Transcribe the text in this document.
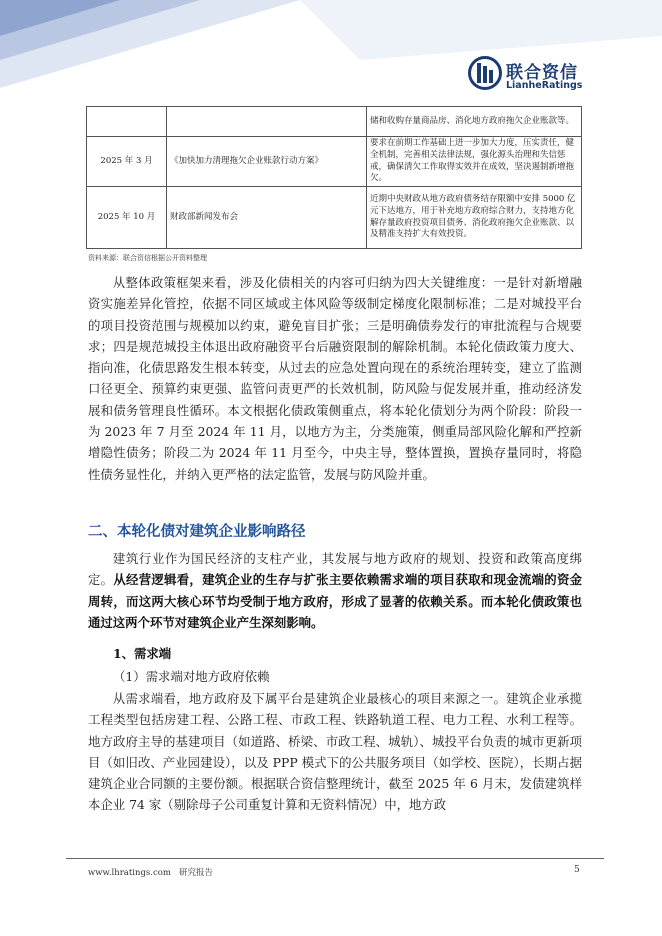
联合资信
LianheRatings
		储和收购存量商品房、消化地方政府拖欠企业账款等。
2025 年 3 月	《加快加力清理拖欠企业账款行动方案》	要求在前期工作基础上进一步加大力度，压实责任，健全机制，完善相关法律法规，强化源头治理和失信惩戒，确保清欠工作取得实效并在成效，坚决遏制新增拖欠。
2025 年 10 月	财政部新闻发布会	近期中央财政从地方政府债务结存限额中安排 5000 亿元下达地方，用于补充地方政府综合财力，支持地方化解存量政府投资项目债务、消化政府拖欠企业账款、以及精准支持扩大有效投资。
资料来源：联合资信根据公开资料整理

从整体政策框架来看，涉及化债相关的内容可归纳为四大关键维度：一是针对新增融资实施差异化管控，依据不同区域或主体风险等级制定梯度化限制标准；二是对城投平台的项目投资范围与规模加以约束，避免盲目扩张；三是明确债券发行的审批流程与合规要求；四是规范城投主体退出政府融资平台后融资限制的解除机制。本轮化债政策力度大、指向准，化债思路发生根本转变，从过去的应急处置向现在的系统治理转变，建立了监测口径更全、预算约束更强、监管问责更严的长效机制，防风险与促发展并重，推动经济发展和债务管理良性循环。本文根据化债政策侧重点，将本轮化债划分为两个阶段：阶段一为 2023 年 7 月至 2024 年 11 月，以地方为主，分类施策，侧重局部风险化解和严控新增隐性债务；阶段二为 2024 年 11 月至今，中央主导，整体置换，置换存量同时，将隐性债务显性化，并纳入更严格的法定监管，发展与防风险并重。

二、本轮化债对建筑企业影响路径

建筑行业作为国民经济的支柱产业，其发展与地方政府的规划、投资和政策高度绑定。从经营逻辑看，建筑企业的生存与扩张主要依赖需求端的项目获取和现金流端的资金周转，而这两大核心环节均受制于地方政府，形成了显著的依赖关系。而本轮化债政策也通过这两个环节对建筑企业产生深刻影响。

1、需求端
（1）需求端对地方政府依赖

从需求端看，地方政府及下属平台是建筑企业最核心的项目来源之一。建筑企业承揽工程类型包括房建工程、公路工程、市政工程、铁路轨道工程、电力工程、水利工程等。地方政府主导的基建项目（如道路、桥梁、市政工程、城轨）、城投平台负责的城市更新项目（如旧改、产业园建设），以及 PPP 模式下的公共服务项目（如学校、医院），长期占据建筑企业合同额的主要份额。根据联合资信整理统计，截至 2025 年 6 月末，发债建筑样本企业 74 家（剔除母子公司重复计算和无资料情况）中，地方政

www.lhratings.com 研究报告	5
